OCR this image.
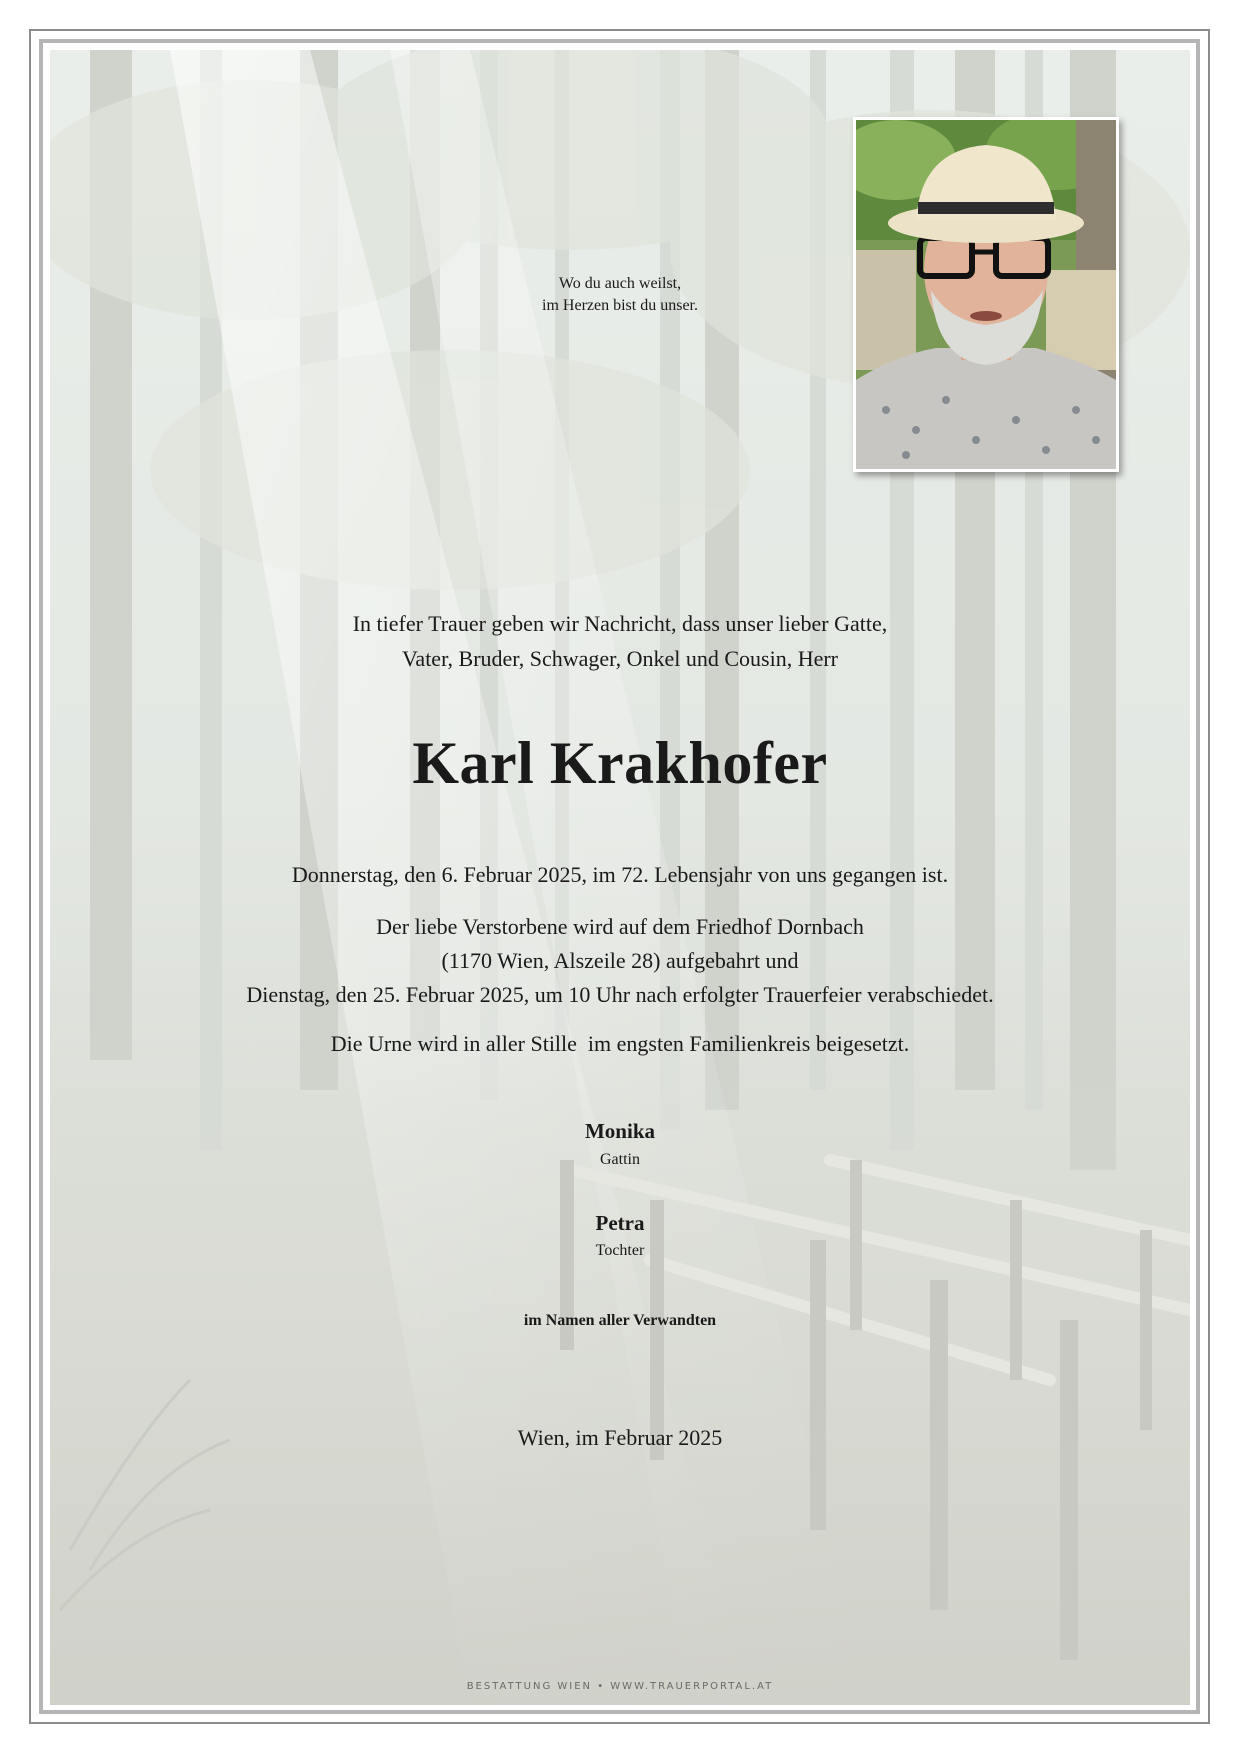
Wo du auch weilst,
im Herzen bist du unser.
In tiefer Trauer geben wir Nachricht, dass unser lieber Gatte,
Vater, Bruder, Schwager, Onkel und Cousin, Herr
Karl Krakhofer
Donnerstag, den 6. Februar 2025, im 72. Lebensjahr von uns gegangen ist.
Der liebe Verstorbene wird auf dem Friedhof Dornbach
(1170 Wien, Alszeile 28) aufgebahrt und
Dienstag, den 25. Februar 2025, um 10 Uhr nach erfolgter Trauerfeier verabschiedet.
Die Urne wird in aller Stille  im engsten Familienkreis beigesetzt.
Monika
Gattin
Petra
Tochter
im Namen aller Verwandten
Wien, im Februar 2025
BESTATTUNG WIEN • WWW.TRAUERPORTAL.AT
